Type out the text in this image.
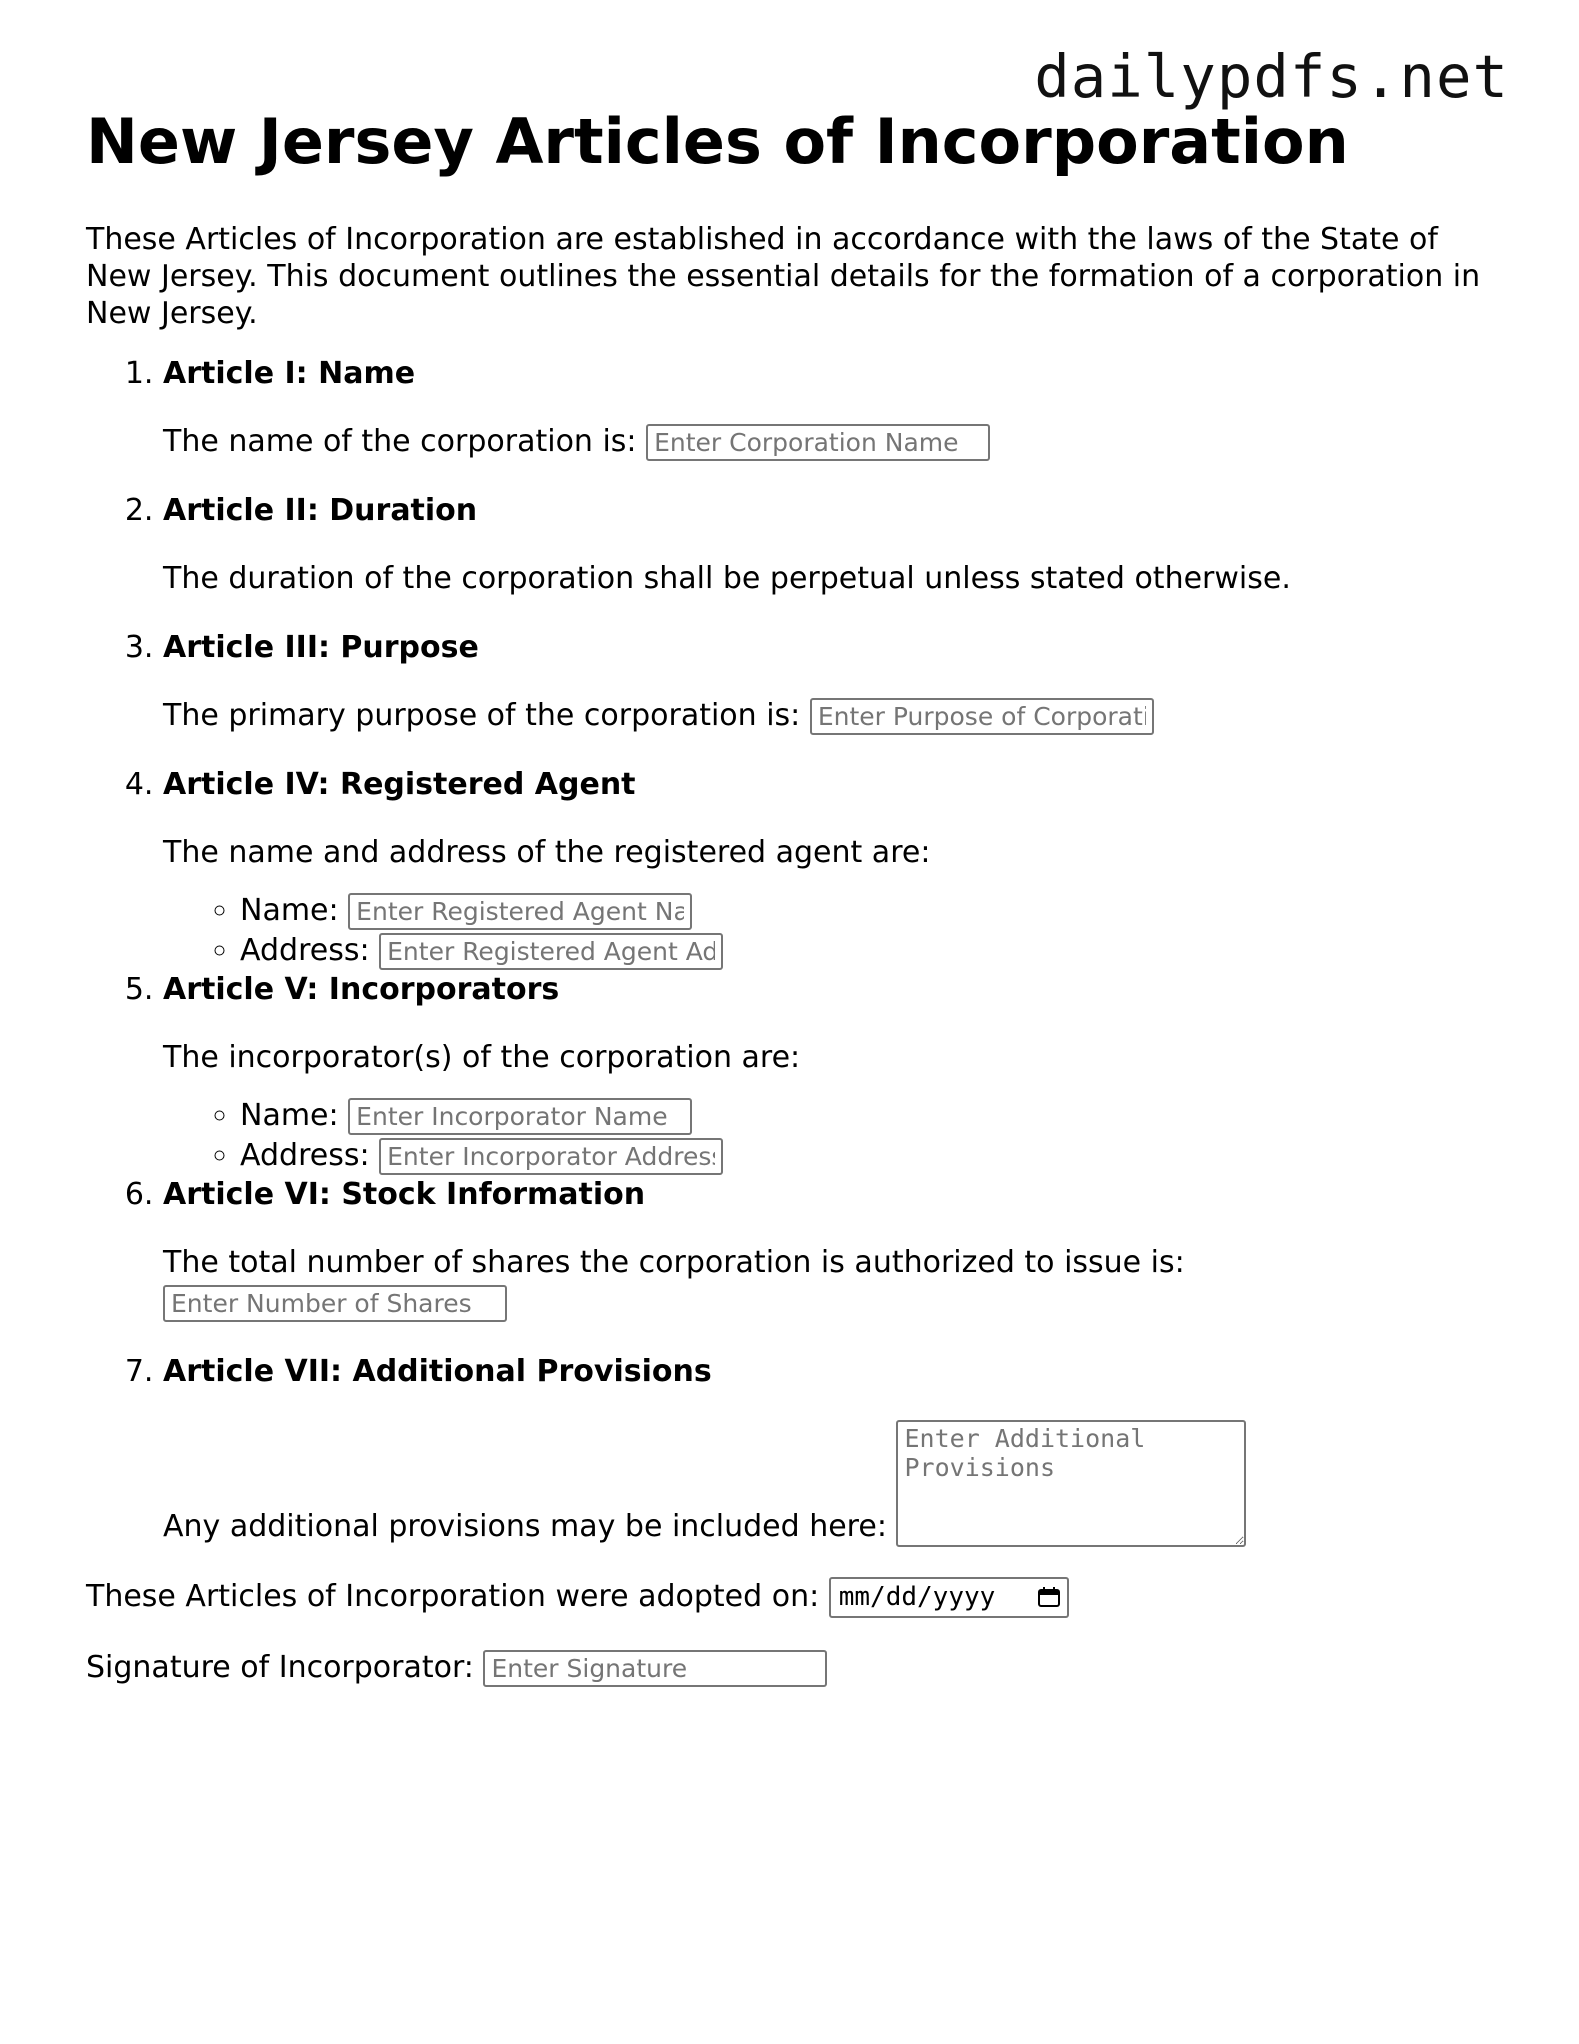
dailypdfs.net
New Jersey Articles of Incorporation

These Articles of Incorporation are established in accordance with the laws of the State of New Jersey. This document outlines the essential details for the formation of a corporation in New Jersey.

1. Article I: Name
The name of the corporation is: Enter Corporation Name
2. Article II: Duration
The duration of the corporation shall be perpetual unless stated otherwise.
3. Article III: Purpose
The primary purpose of the corporation is: Enter Purpose of Corporation
4. Article IV: Registered Agent
The name and address of the registered agent are:
◦ Name: Enter Registered Agent Name
◦ Address: Enter Registered Agent Address
5. Article V: Incorporators
The incorporator(s) of the corporation are:
◦ Name: Enter Incorporator Name
◦ Address: Enter Incorporator Address
6. Article VI: Stock Information
The total number of shares the corporation is authorized to issue is:
Enter Number of Shares
7. Article VII: Additional Provisions
Any additional provisions may be included here: Enter Additional Provisions

These Articles of Incorporation were adopted on: mm/dd/yyyy

Signature of Incorporator: Enter Signature
